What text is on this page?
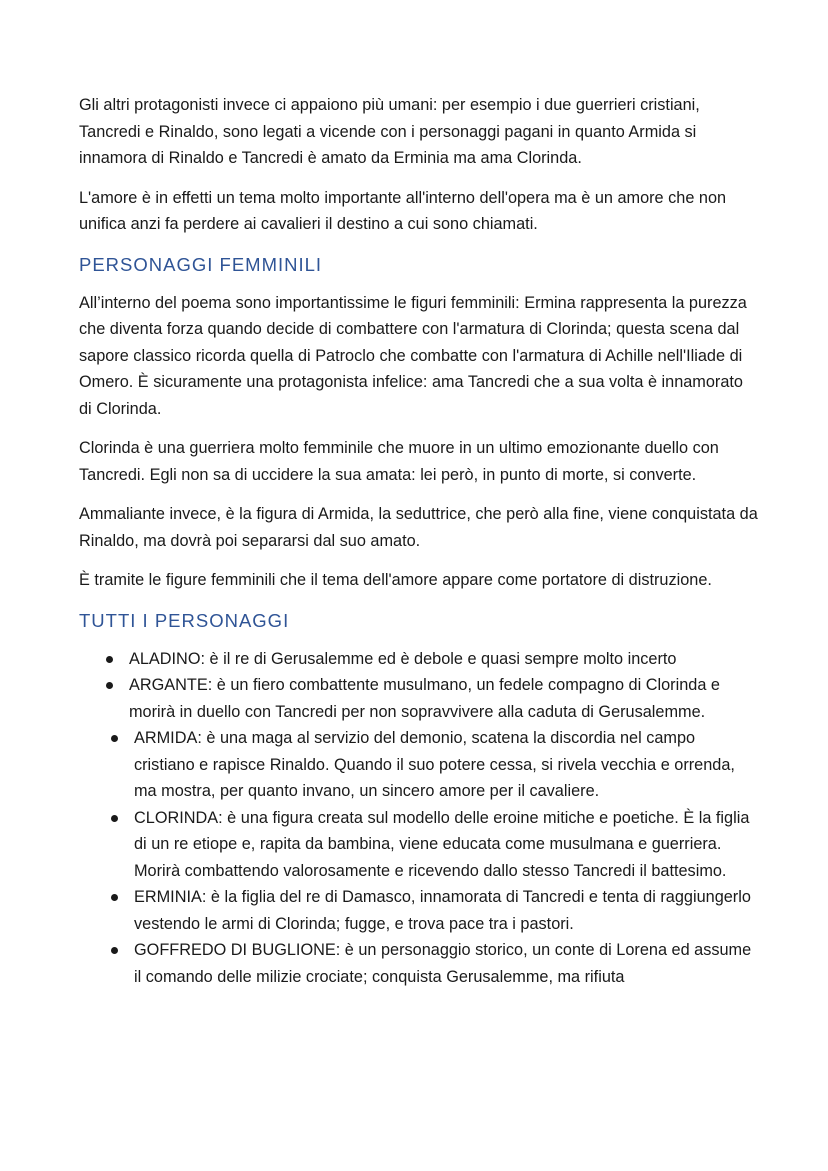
Gli altri protagonisti invece ci appaiono più umani: per esempio i due guerrieri cristiani, Tancredi e Rinaldo, sono legati a vicende con i personaggi pagani in quanto Armida si innamora di Rinaldo e Tancredi è amato da Erminia ma ama Clorinda.

L'amore è in effetti un tema molto importante all'interno dell'opera ma è un amore che non unifica anzi fa perdere ai cavalieri il destino a cui sono chiamati.

PERSONAGGI FEMMINILI

All’interno del poema sono importantissime le figuri femminili: Ermina rappresenta la purezza che diventa forza quando decide di combattere con l'armatura di Clorinda; questa scena dal sapore classico ricorda quella di Patroclo che combatte con l'armatura di Achille nell'Iliade di Omero. È sicuramente una protagonista infelice: ama Tancredi che a sua volta è innamorato di Clorinda.

Clorinda è una guerriera molto femminile che muore in un ultimo emozionante duello con Tancredi. Egli non sa di uccidere la sua amata: lei però, in punto di morte, si converte.

Ammaliante invece, è la figura di Armida, la seduttrice, che però alla fine, viene conquistata da Rinaldo, ma dovrà poi separarsi dal suo amato.

È tramite le figure femminili che il tema dell'amore appare come portatore di distruzione.

TUTTI I PERSONAGGI
ALADINO: è il re di Gerusalemme ed è debole e quasi sempre molto incerto
ARGANTE: è un fiero combattente musulmano, un fedele compagno di Clorinda e morirà in duello con Tancredi per non sopravvivere alla caduta di Gerusalemme.
ARMIDA: è una maga al servizio del demonio, scatena la discordia nel campo cristiano e rapisce Rinaldo. Quando il suo potere cessa, si rivela vecchia e orrenda, ma mostra, per quanto invano, un sincero amore per il cavaliere.
CLORINDA: è una figura creata sul modello delle eroine mitiche e poetiche. È la figlia di un re etiope e, rapita da bambina, viene educata come musulmana e guerriera. Morirà combattendo valorosamente e ricevendo dallo stesso Tancredi il battesimo.
ERMINIA: è la figlia del re di Damasco, innamorata di Tancredi e tenta di raggiungerlo vestendo le armi di Clorinda; fugge, e trova pace tra i pastori.
GOFFREDO DI BUGLIONE: è un personaggio storico, un conte di Lorena ed assume il comando delle milizie crociate; conquista Gerusalemme, ma rifiuta
